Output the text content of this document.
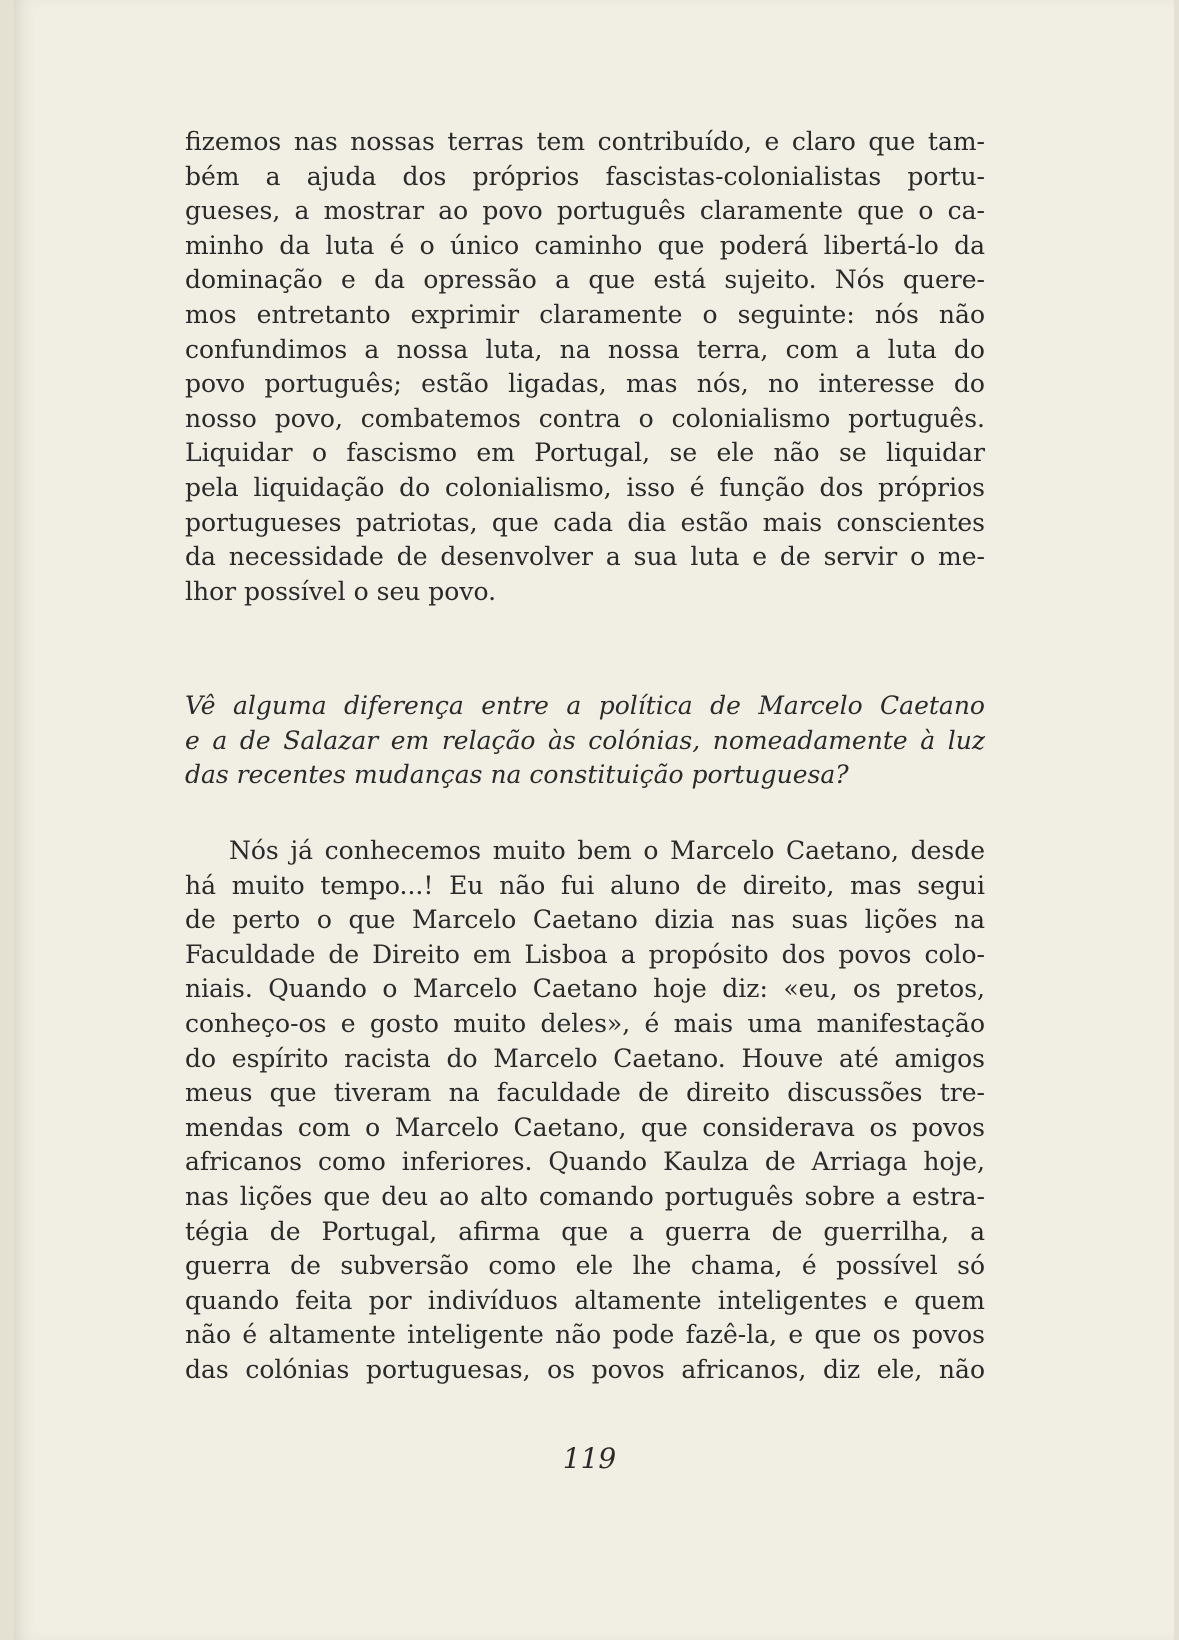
fizemos nas nossas terras tem contribuído, e claro que tam-
bém a ajuda dos próprios fascistas-colonialistas portu-
gueses, a mostrar ao povo português claramente que o ca-
minho da luta é o único caminho que poderá libertá-lo da
dominação e da opressão a que está sujeito. Nós quere-
mos entretanto exprimir claramente o seguinte: nós não
confundimos a nossa luta, na nossa terra, com a luta do
povo português; estão ligadas, mas nós, no interesse do
nosso povo, combatemos contra o colonialismo português.
Liquidar o fascismo em Portugal, se ele não se liquidar
pela liquidação do colonialismo, isso é função dos próprios
portugueses patriotas, que cada dia estão mais conscientes
da necessidade de desenvolver a sua luta e de servir o me-
lhor possível o seu povo.
Vê alguma diferença entre a política de Marcelo Caetano
e a de Salazar em relação às colónias, nomeadamente à luz
das recentes mudanças na constituição portuguesa?
Nós já conhecemos muito bem o Marcelo Caetano, desde
há muito tempo...! Eu não fui aluno de direito, mas segui
de perto o que Marcelo Caetano dizia nas suas lições na
Faculdade de Direito em Lisboa a propósito dos povos colo-
niais. Quando o Marcelo Caetano hoje diz: «eu, os pretos,
conheço-os e gosto muito deles», é mais uma manifestação
do espírito racista do Marcelo Caetano. Houve até amigos
meus que tiveram na faculdade de direito discussões tre-
mendas com o Marcelo Caetano, que considerava os povos
africanos como inferiores. Quando Kaulza de Arriaga hoje,
nas lições que deu ao alto comando português sobre a estra-
tégia de Portugal, afirma que a guerra de guerrilha, a
guerra de subversão como ele lhe chama, é possível só
quando feita por indivíduos altamente inteligentes e quem
não é altamente inteligente não pode fazê-la, e que os povos
das colónias portuguesas, os povos africanos, diz ele, não
119
